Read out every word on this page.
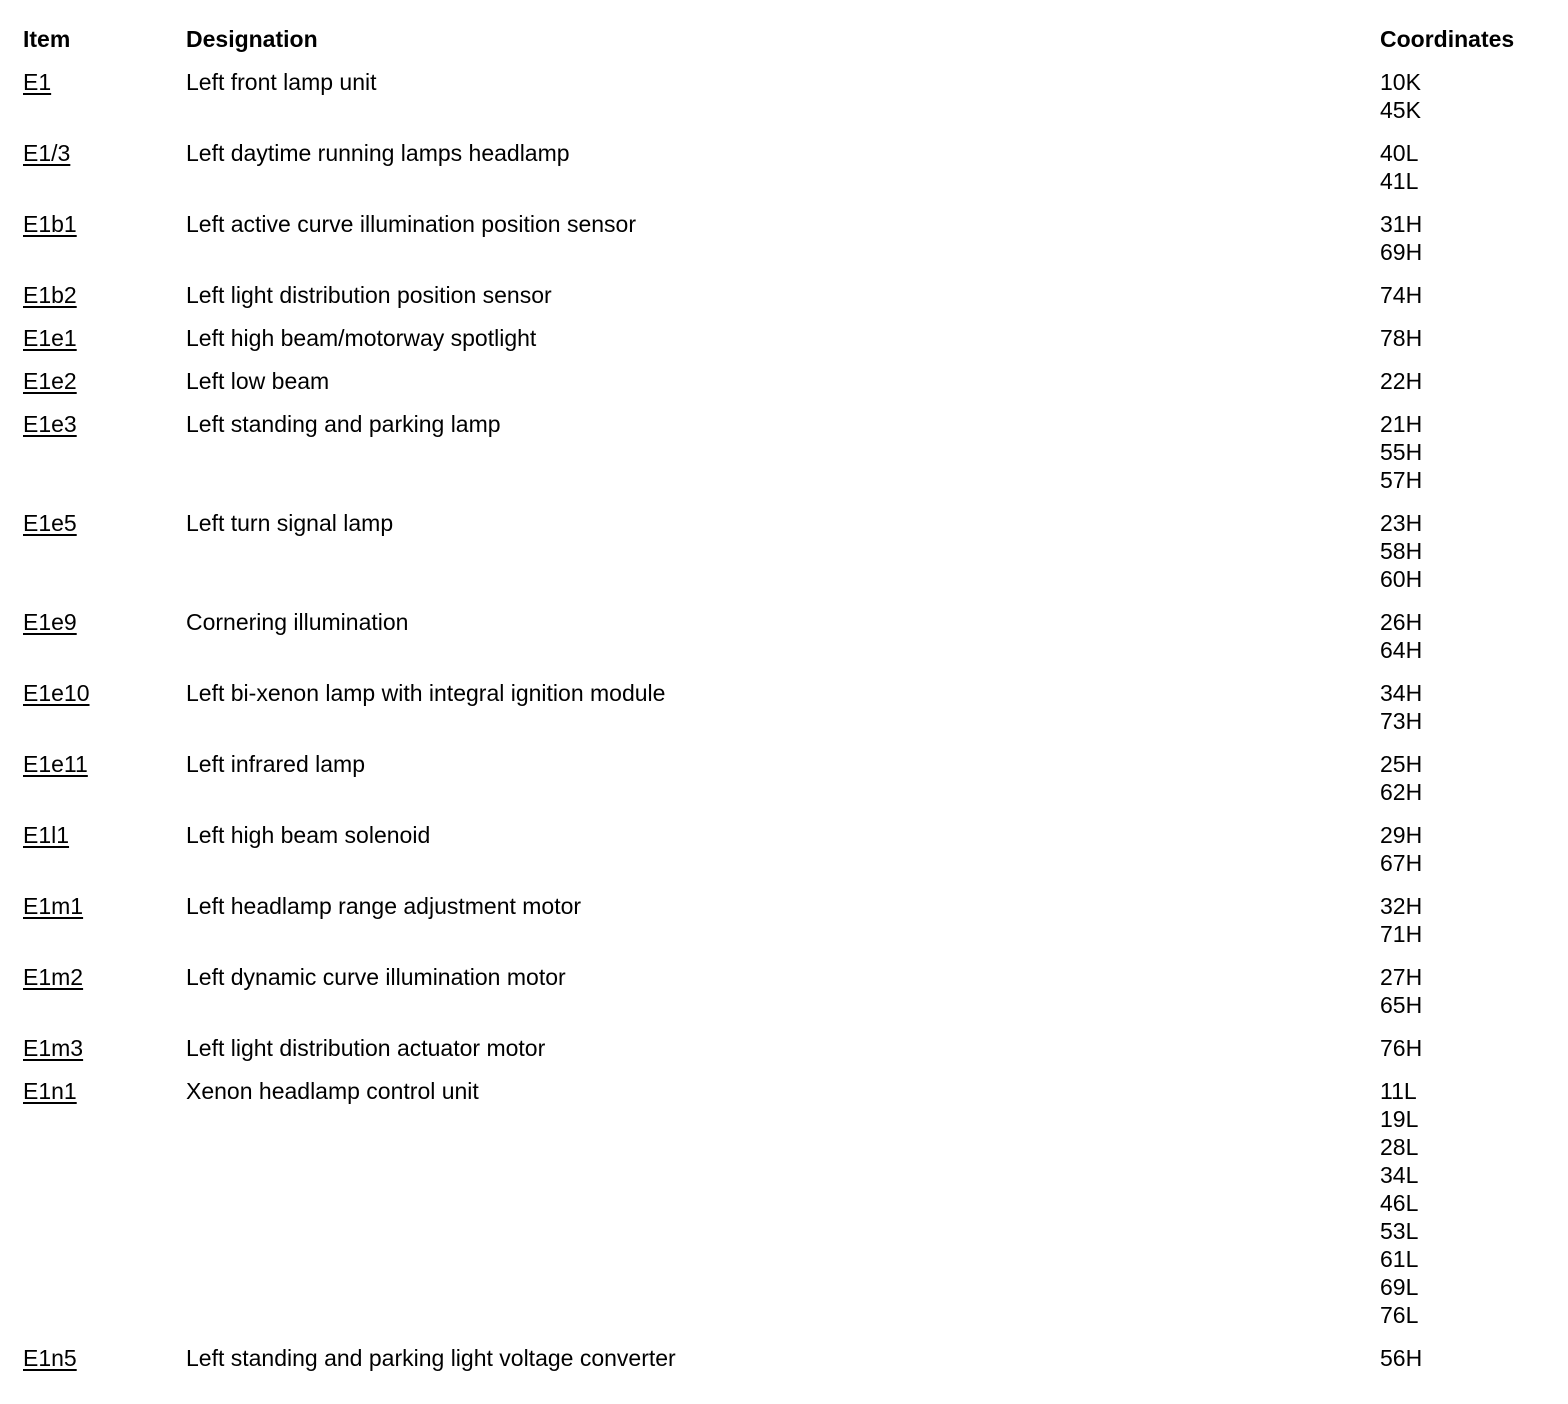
Item	Designation	Coordinates
E1	Left front lamp unit	10K
45K
E1/3	Left daytime running lamps headlamp	40L
41L
E1b1	Left active curve illumination position sensor	31H
69H
E1b2	Left light distribution position sensor	74H
E1e1	Left high beam/motorway spotlight	78H
E1e2	Left low beam	22H
E1e3	Left standing and parking lamp	21H
55H
57H
E1e5	Left turn signal lamp	23H
58H
60H
E1e9	Cornering illumination	26H
64H
E1e10	Left bi-xenon lamp with integral ignition module	34H
73H
E1e11	Left infrared lamp	25H
62H
E1l1	Left high beam solenoid	29H
67H
E1m1	Left headlamp range adjustment motor	32H
71H
E1m2	Left dynamic curve illumination motor	27H
65H
E1m3	Left light distribution actuator motor	76H
E1n1	Xenon headlamp control unit	11L
19L
28L
34L
46L
53L
61L
69L
76L
E1n5	Left standing and parking light voltage converter	56H
